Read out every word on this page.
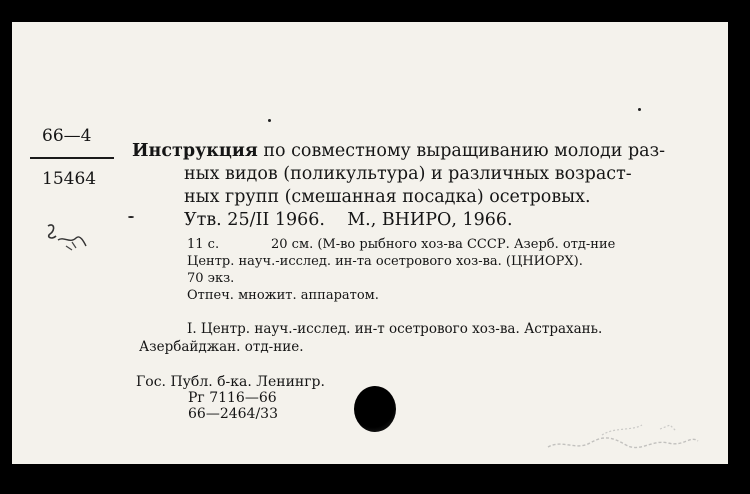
66—4
15464
Инструкция по совместному выращиванию молоди раз-
ных видов (поликультура) и различных возраст-
ных групп (смешанная посадка) осетровых.
Утв. 25/II 1966.    М., ВНИРО, 1966.
11 с.	20 см. (М-во рыбного хоз-ва СССР. Азерб. отд-ние
Центр. науч.-исслед. ин-та осетрового хоз-ва. (ЦНИОРХ).
70 экз.
Отпеч. множит. аппаратом.
I. Центр. науч.-исслед. ин-т осетрового хоз-ва. Астрахань.
Азербайджан. отд-ние.
Гос. Публ. б-ка. Ленингр.
Рг 7116—66
66—2464/33
